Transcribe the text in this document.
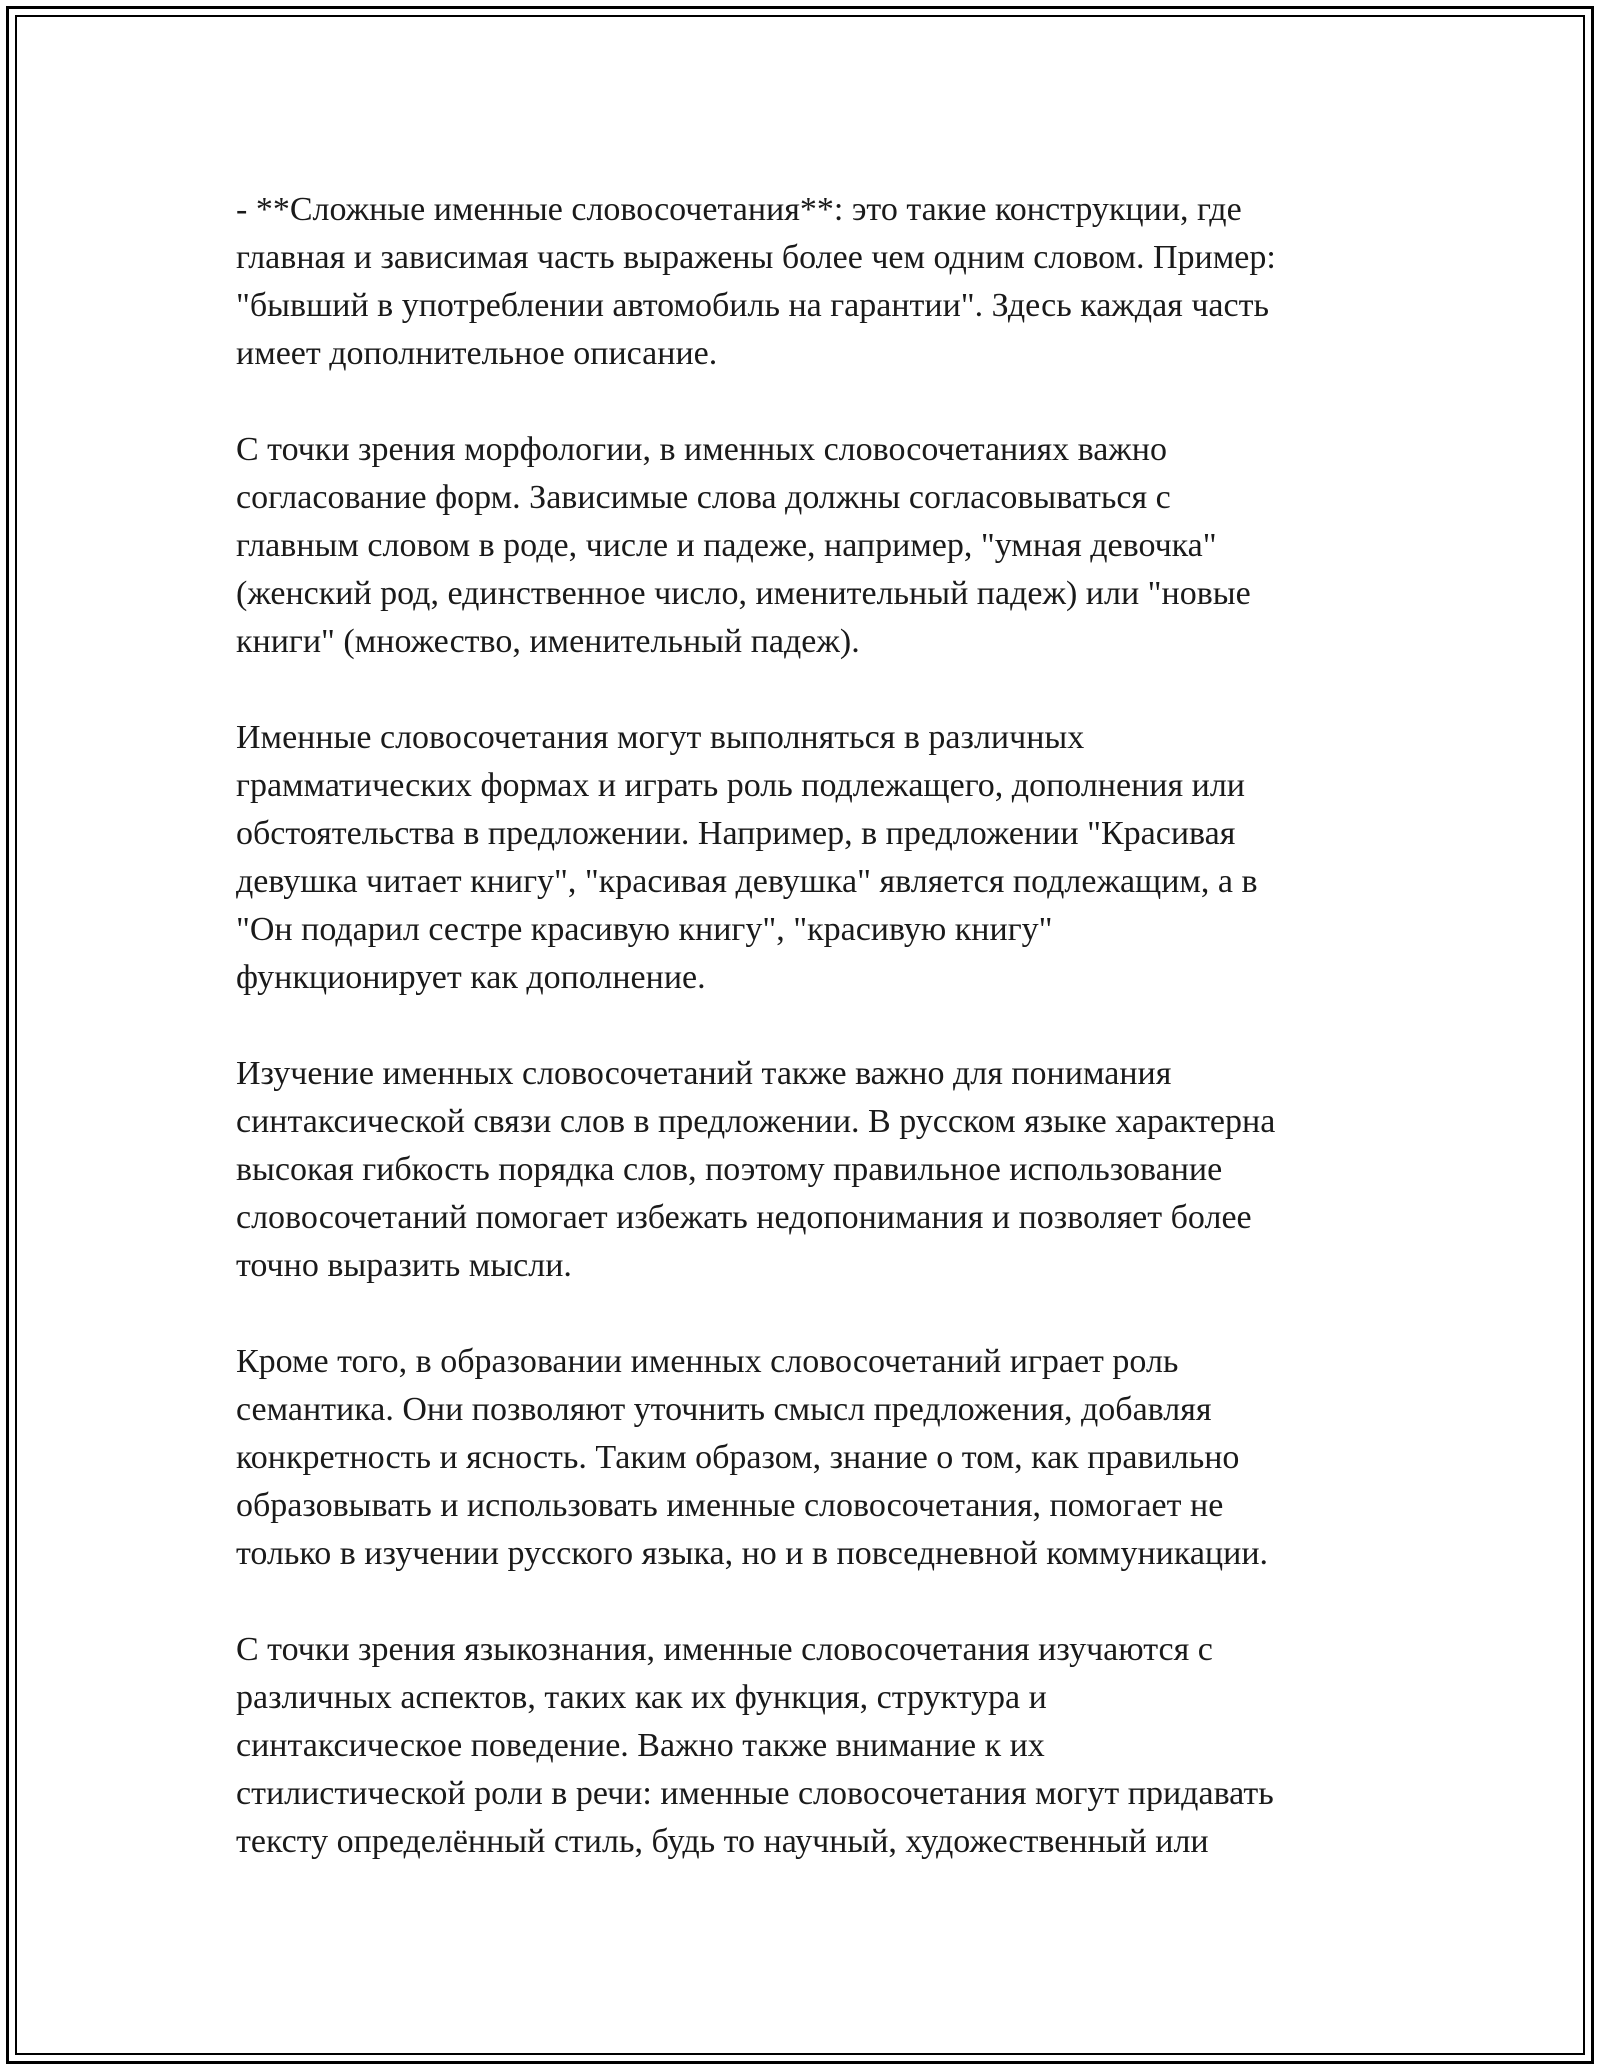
- **Сложные именные словосочетания**: это такие конструкции, где
главная и зависимая часть выражены более чем одним словом. Пример:
"бывший в употреблении автомобиль на гарантии". Здесь каждая часть
имеет дополнительное описание.
С точки зрения морфологии, в именных словосочетаниях важно
согласование форм. Зависимые слова должны согласовываться с
главным словом в роде, числе и падеже, например, "умная девочка"
(женский род, единственное число, именительный падеж) или "новые
книги" (множество, именительный падеж).
Именные словосочетания могут выполняться в различных
грамматических формах и играть роль подлежащего, дополнения или
обстоятельства в предложении. Например, в предложении "Красивая
девушка читает книгу", "красивая девушка" является подлежащим, а в
"Он подарил сестре красивую книгу", "красивую книгу"
функционирует как дополнение.
Изучение именных словосочетаний также важно для понимания
синтаксической связи слов в предложении. В русском языке характерна
высокая гибкость порядка слов, поэтому правильное использование
словосочетаний помогает избежать недопонимания и позволяет более
точно выразить мысли.
Кроме того, в образовании именных словосочетаний играет роль
семантика. Они позволяют уточнить смысл предложения, добавляя
конкретность и ясность. Таким образом, знание о том, как правильно
образовывать и использовать именные словосочетания, помогает не
только в изучении русского языка, но и в повседневной коммуникации.
С точки зрения языкознания, именные словосочетания изучаются с
различных аспектов, таких как их функция, структура и
синтаксическое поведение. Важно также внимание к их
стилистической роли в речи: именные словосочетания могут придавать
тексту определённый стиль, будь то научный, художественный или
